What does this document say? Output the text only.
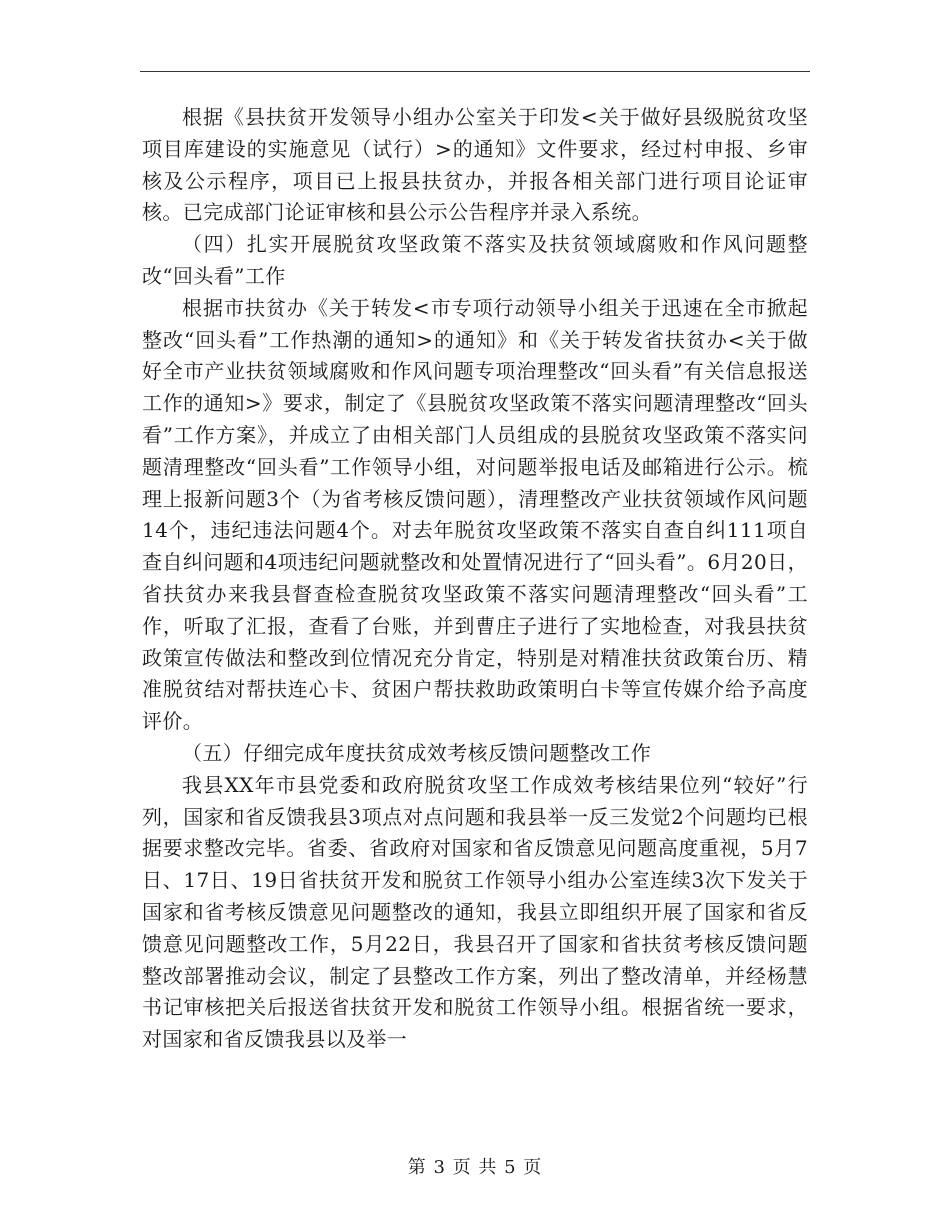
根据《县扶贫开发领导小组办公室关于印发<关于做好县级脱贫攻坚项目库建设的实施意见（试行）>的通知》文件要求，经过村申报、乡审核及公示程序，项目已上报县扶贫办，并报各相关部门进行项目论证审核。已完成部门论证审核和县公示公告程序并录入系统。

（四）扎实开展脱贫攻坚政策不落实及扶贫领域腐败和作风问题整改“回头看”工作

根据市扶贫办《关于转发<市专项行动领导小组关于迅速在全市掀起整改“回头看”工作热潮的通知>的通知》和《关于转发省扶贫办<关于做好全市产业扶贫领域腐败和作风问题专项治理整改“回头看”有关信息报送工作的通知>》要求，制定了《县脱贫攻坚政策不落实问题清理整改“回头看”工作方案》，并成立了由相关部门人员组成的县脱贫攻坚政策不落实问题清理整改“回头看”工作领导小组，对问题举报电话及邮箱进行公示。梳理上报新问题3个（为省考核反馈问题），清理整改产业扶贫领域作风问题14个，违纪违法问题4个。对去年脱贫攻坚政策不落实自查自纠111项自查自纠问题和4项违纪问题就整改和处置情况进行了“回头看”。6月20日，省扶贫办来我县督查检查脱贫攻坚政策不落实问题清理整改“回头看”工作，听取了汇报，查看了台账，并到曹庄子进行了实地检查，对我县扶贫政策宣传做法和整改到位情况充分肯定，特别是对精准扶贫政策台历、精准脱贫结对帮扶连心卡、贫困户帮扶救助政策明白卡等宣传媒介给予高度评价。

（五）仔细完成年度扶贫成效考核反馈问题整改工作

我县XX年市县党委和政府脱贫攻坚工作成效考核结果位列“较好”行列，国家和省反馈我县3项点对点问题和我县举一反三发觉2个问题均已根据要求整改完毕。省委、省政府对国家和省反馈意见问题高度重视，5月7日、17日、19日省扶贫开发和脱贫工作领导小组办公室连续3次下发关于国家和省考核反馈意见问题整改的通知，我县立即组织开展了国家和省反馈意见问题整改工作，5月22日，我县召开了国家和省扶贫考核反馈问题整改部署推动会议，制定了县整改工作方案，列出了整改清单，并经杨慧书记审核把关后报送省扶贫开发和脱贫工作领导小组。根据省统一要求，对国家和省反馈我县以及举一

第 3 页 共 5 页
